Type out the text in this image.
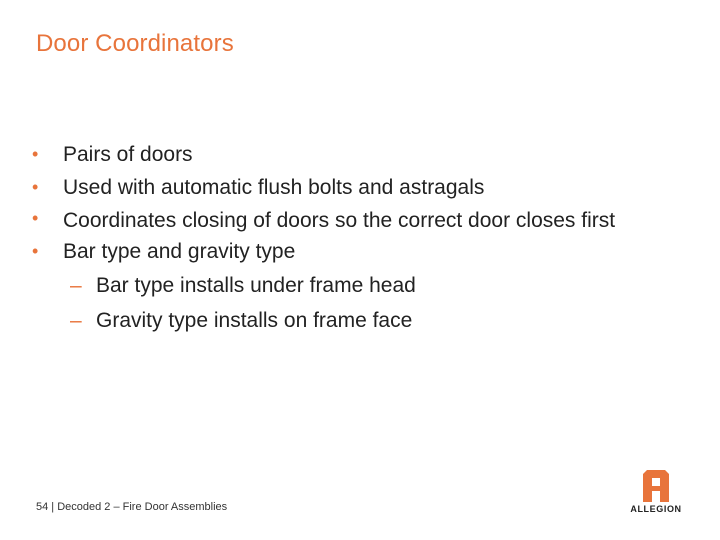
Door Coordinators
• Pairs of doors
• Used with automatic flush bolts and astragals
• Coordinates closing of doors so the correct door closes first
• Bar type and gravity type
– Bar type installs under frame head
– Gravity type installs on frame face
54 | Decoded 2 – Fire Door Assemblies	ALLEGION
